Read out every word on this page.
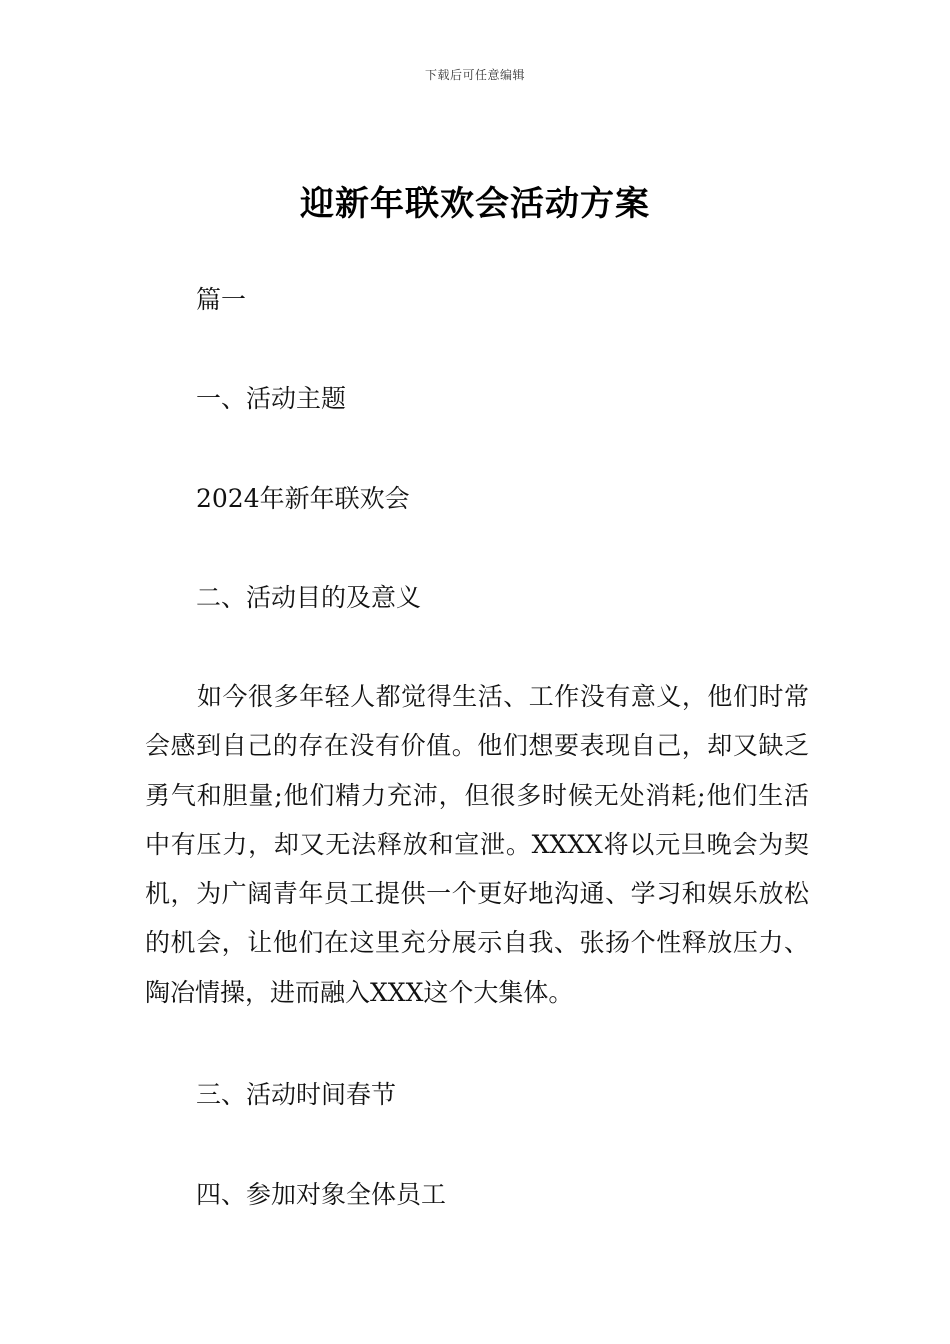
下载后可任意编辑
迎新年联欢会活动方案
篇一
一、活动主题
2024年新年联欢会
二、活动目的及意义
如今很多年轻人都觉得生活、工作没有意义，他们时常会感到自己的存在没有价值。他们想要表现自己，却又缺乏勇气和胆量;他们精力充沛，但很多时候无处消耗;他们生活中有压力，却又无法释放和宣泄。XXXX将以元旦晚会为契机，为广阔青年员工提供一个更好地沟通、学习和娱乐放松的机会，让他们在这里充分展示自我、张扬个性释放压力、陶冶情操，进而融入XXX这个大集体。
三、活动时间春节
四、参加对象全体员工
